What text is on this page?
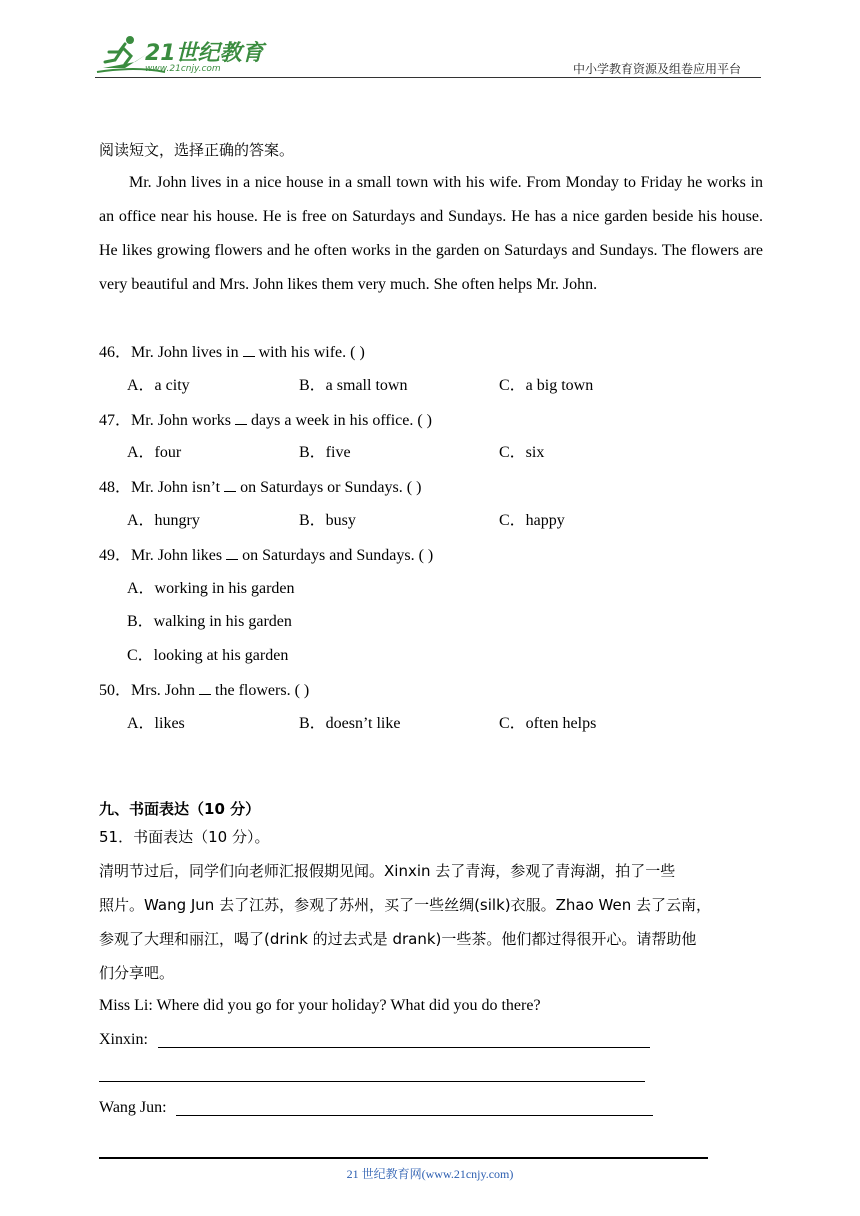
21世纪教育
www.21cnjy.com	中小学教育资源及组卷应用平台
阅读短文，选择正确的答案。

Mr. John lives in a nice house in a small town with his wife. From Monday to Friday he works in an office near his house. He is free on Saturdays and Sundays. He has a nice garden beside his house. He likes growing flowers and he often works in the garden on Saturdays and Sundays. The flowers are very beautiful and Mrs. John likes them very much. She often helps Mr. John.

46．Mr. John lives in with his wife. ( )
A．a city	B．a small town	C．a big town
47．Mr. John works days a week in his office. ( )
A．four	B．five	C．six
48．Mr. John isn’t on Saturdays or Sundays. ( )
A．hungry	B．busy	C．happy
49．Mr. John likes on Saturdays and Sundays. ( )
A．working in his garden
B．walking in his garden
C．looking at his garden
50．Mrs. John the flowers. ( )
A．likes	B．doesn’t like	C．often helps
九、书面表达（10 分）
51．书面表达（10 分）。
清明节过后，同学们向老师汇报假期见闻。Xinxin 去了青海，参观了青海湖，拍了一些
照片。Wang Jun 去了江苏，参观了苏州，买了一些丝绸(silk)衣服。Zhao Wen 去了云南，
参观了大理和丽江，喝了(drink 的过去式是 drank)一些茶。他们都过得很开心。请帮助他
们分享吧。
Miss Li: Where did you go for your holiday? What did you do there?
Xinxin:
Wang Jun:
21 世纪教育网(www.21cnjy.com)
